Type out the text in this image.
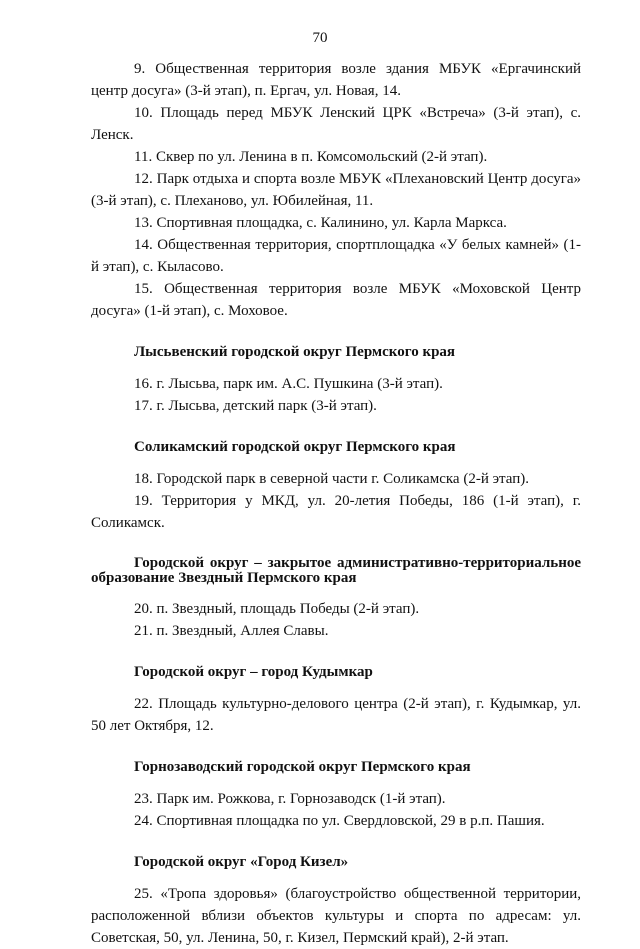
70

9. Общественная территория возле здания МБУК «Ергачинский центр досуга» (3-й этап), п. Ергач, ул. Новая, 14.

10. Площадь перед МБУК Ленский ЦРК «Встреча» (3-й этап), с. Ленск.

11. Сквер по ул. Ленина в п. Комсомольский (2-й этап).

12. Парк отдыха и спорта возле МБУК «Плехановский Центр досуга» (3-й этап), с. Плеханово, ул. Юбилейная, 11.

13. Спортивная площадка, с. Калинино, ул. Карла Маркса.

14. Общественная территория, спортплощадка «У белых камней» (1-й этап), с. Кыласово.

15. Общественная территория возле МБУК «Моховской Центр досуга» (1-й этап), с. Моховое.

Лысьвенский городской округ Пермского края

16. г. Лысьва, парк им. А.С. Пушкина (3-й этап).

17. г. Лысьва, детский парк (3-й этап).

Соликамский городской округ Пермского края

18. Городской парк в северной части г. Соликамска (2-й этап).

19. Территория у МКД, ул. 20-летия Победы, 186 (1-й этап), г. Соликамск.

Городской округ – закрытое административно-территориальное образование Звездный Пермского края

20. п. Звездный, площадь Победы (2-й этап).

21. п. Звездный, Аллея Славы.

Городской округ – город Кудымкар

22. Площадь культурно-делового центра (2-й этап), г. Кудымкар, ул. 50 лет Октября, 12.

Горнозаводский городской округ Пермского края

23. Парк им. Рожкова, г. Горнозаводск (1-й этап).

24. Спортивная площадка по ул. Свердловской, 29 в р.п. Пашия.

Городской округ «Город Кизел»

25. «Тропа здоровья» (благоустройство общественной территории, расположенной вблизи объектов культуры и спорта по адресам: ул. Советская, 50, ул. Ленина, 50, г. Кизел, Пермский край), 2-й этап.
